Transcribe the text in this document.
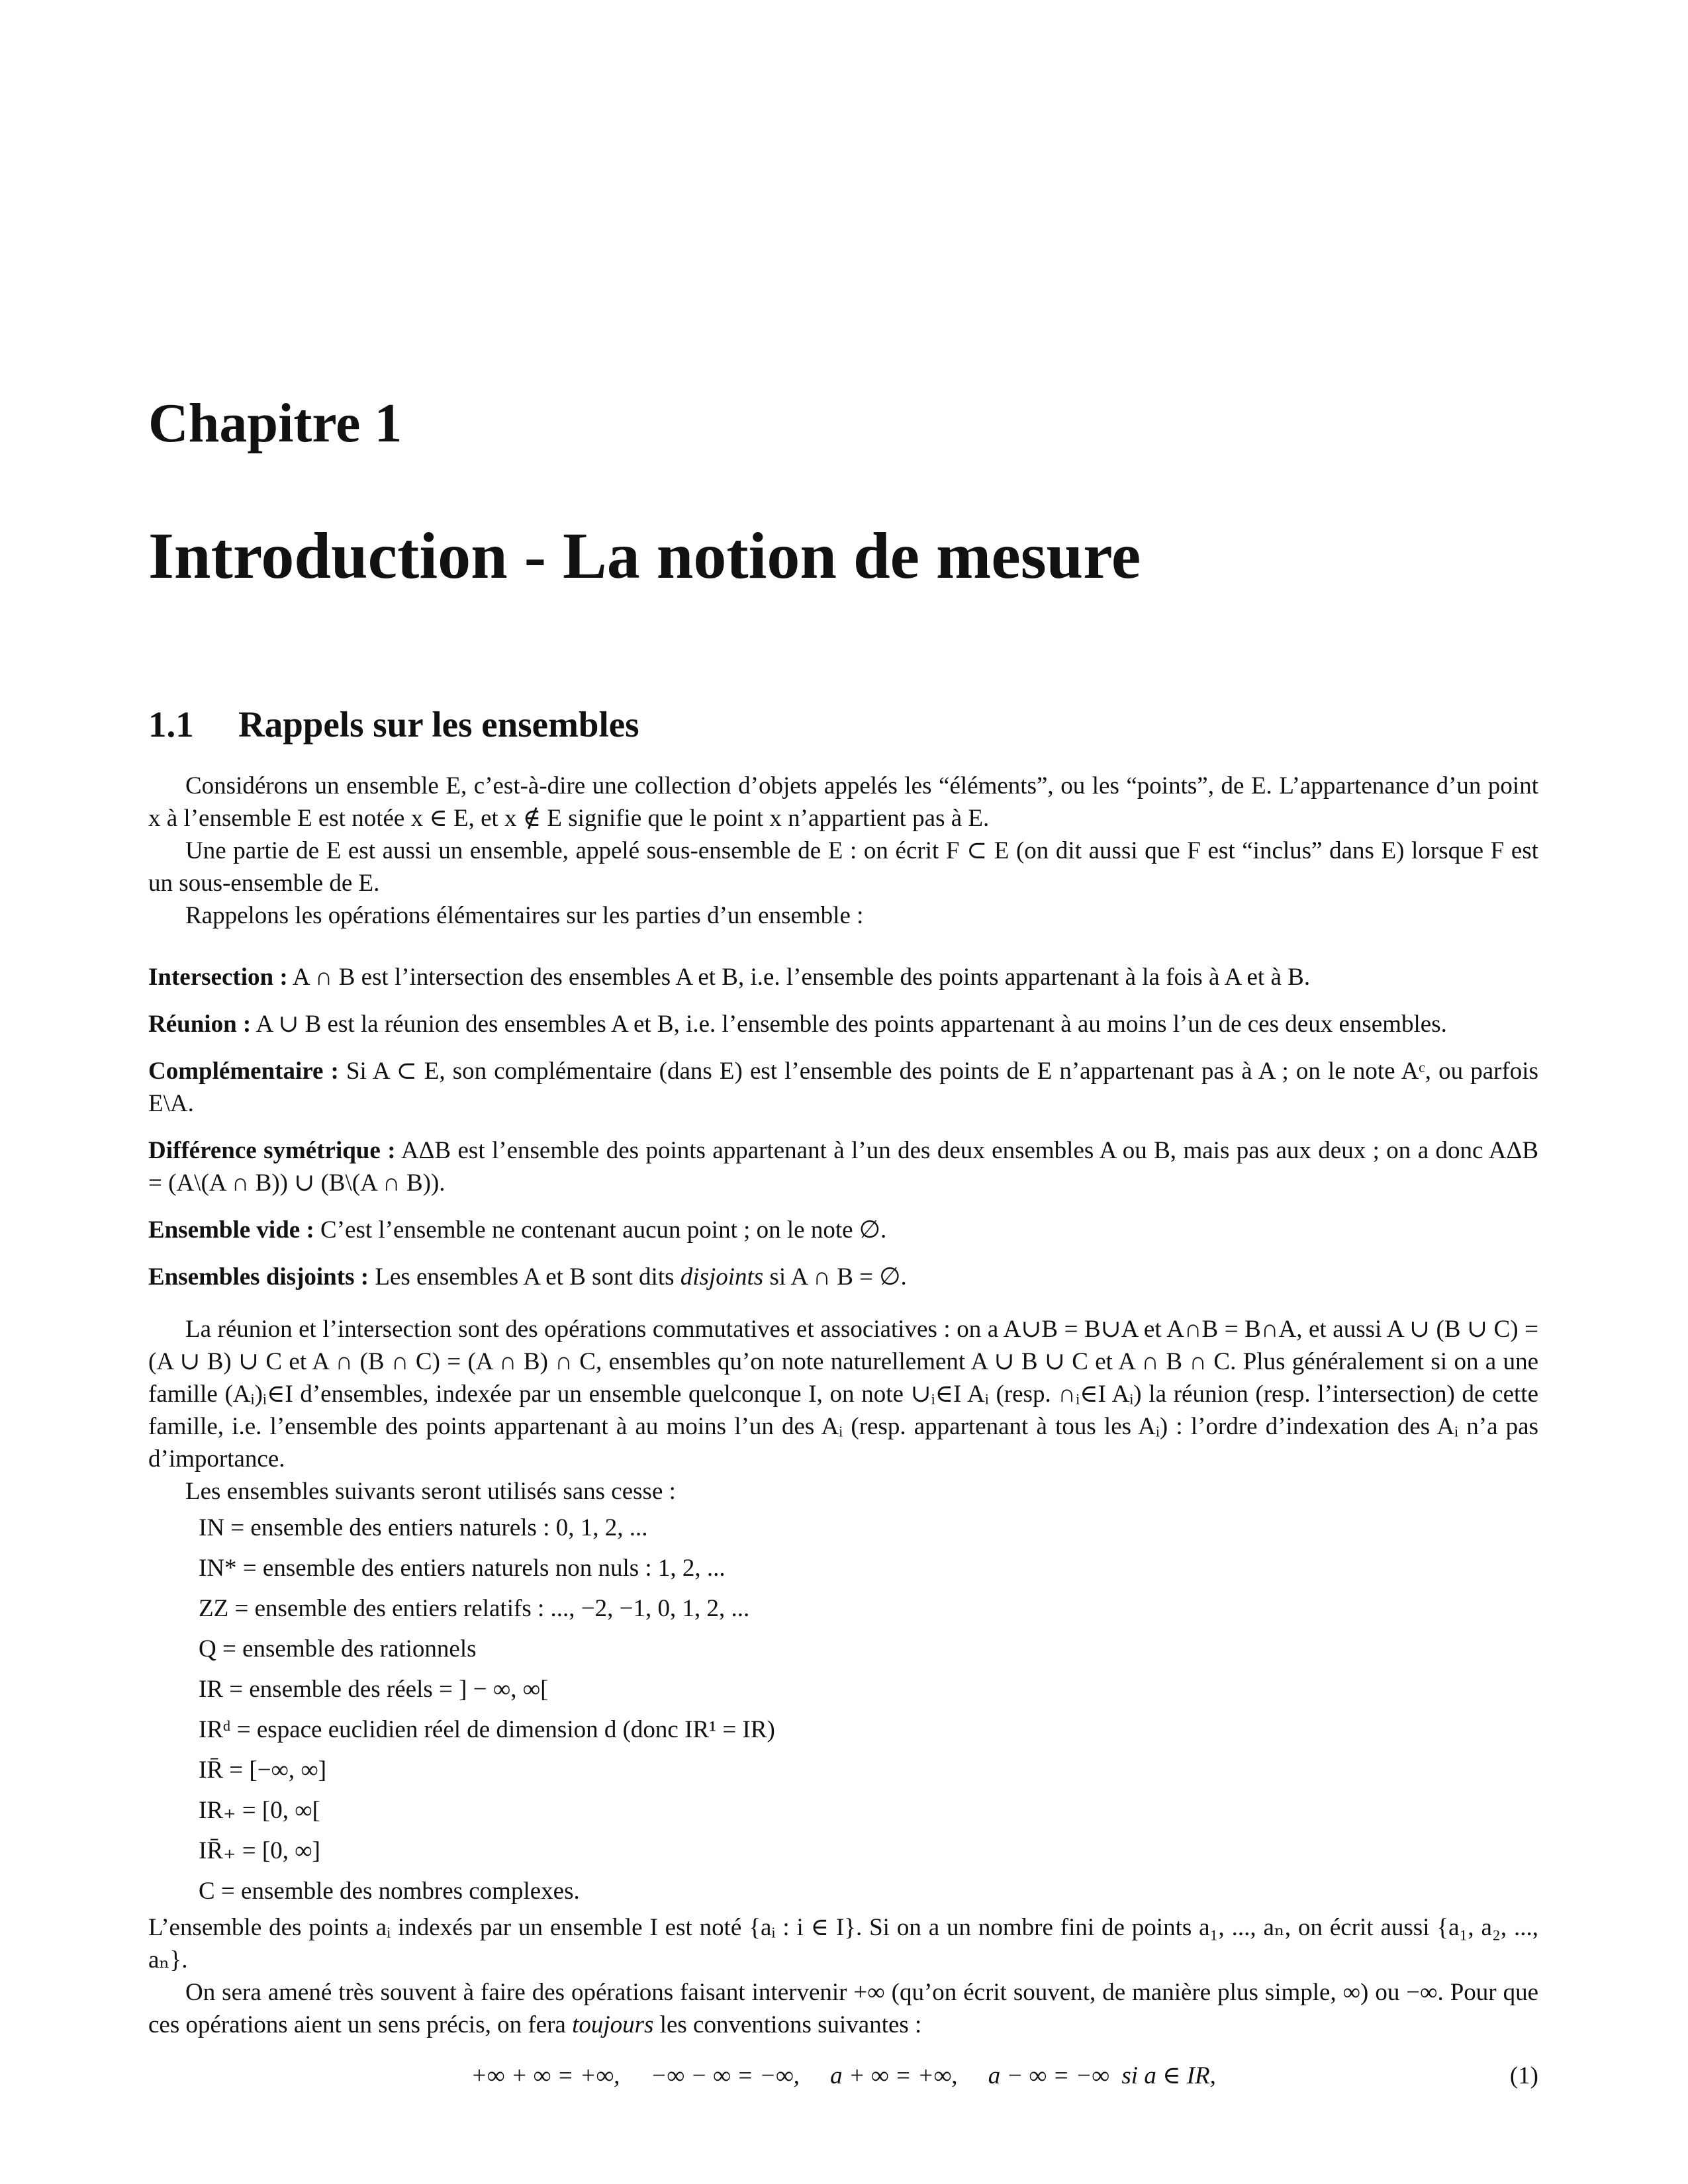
Chapitre 1
Introduction - La notion de mesure
1.1 Rappels sur les ensembles

Considérons un ensemble E, c’est-à-dire une collection d’objets appelés les “éléments”, ou les “points”, de E. L’appartenance d’un point x à l’ensemble E est notée x ∈ E, et x ∉ E signifie que le point x n’appartient pas à E.

Une partie de E est aussi un ensemble, appelé sous-ensemble de E : on écrit F ⊂ E (on dit aussi que F est “inclus” dans E) lorsque F est un sous-ensemble de E.

Rappelons les opérations élémentaires sur les parties d’un ensemble :

Intersection : A ∩ B est l’intersection des ensembles A et B, i.e. l’ensemble des points appartenant à la fois à A et à B.

Réunion : A ∪ B est la réunion des ensembles A et B, i.e. l’ensemble des points appartenant à au moins l’un de ces deux ensembles.

Complémentaire : Si A ⊂ E, son complémentaire (dans E) est l’ensemble des points de E n’appartenant pas à A ; on le note Aᶜ, ou parfois E\A.

Différence symétrique : AΔB est l’ensemble des points appartenant à l’un des deux ensembles A ou B, mais pas aux deux ; on a donc AΔB = (A\(A ∩ B)) ∪ (B\(A ∩ B)).

Ensemble vide : C’est l’ensemble ne contenant aucun point ; on le note ∅.

Ensembles disjoints : Les ensembles A et B sont dits disjoints si A ∩ B = ∅.

La réunion et l’intersection sont des opérations commutatives et associatives : on a A∪B = B∪A et A∩B = B∩A, et aussi A ∪ (B ∪ C) = (A ∪ B) ∪ C et A ∩ (B ∩ C) = (A ∩ B) ∩ C, ensembles qu’on note naturellement A ∪ B ∪ C et A ∩ B ∩ C. Plus généralement si on a une famille (Aᵢ)ᵢ∈I d’ensembles, indexée par un ensemble quelconque I, on note ∪ᵢ∈I Aᵢ (resp. ∩ᵢ∈I Aᵢ) la réunion (resp. l’intersection) de cette famille, i.e. l’ensemble des points appartenant à au moins l’un des Aᵢ (resp. appartenant à tous les Aᵢ) : l’ordre d’indexation des Aᵢ n’a pas d’importance.

Les ensembles suivants seront utilisés sans cesse :

IN = ensemble des entiers naturels : 0, 1, 2, ...
IN* = ensemble des entiers naturels non nuls : 1, 2, ...
ZZ = ensemble des entiers relatifs : ..., −2, −1, 0, 1, 2, ...
Q = ensemble des rationnels
IR = ensemble des réels = ] − ∞, ∞[
IRᵈ = espace euclidien réel de dimension d (donc IR¹ = IR)
IR̄ = [−∞, ∞]
IR₊ = [0, ∞[
IR̄₊ = [0, ∞]
C = ensemble des nombres complexes.

L’ensemble des points aᵢ indexés par un ensemble I est noté {aᵢ : i ∈ I}. Si on a un nombre fini de points a₁, ..., aₙ, on écrit aussi {a₁, a₂, ..., aₙ}.

On sera amené très souvent à faire des opérations faisant intervenir +∞ (qu’on écrit souvent, de manière plus simple, ∞) ou −∞. Pour que ces opérations aient un sens précis, on fera toujours les conventions suivantes :

+∞ + ∞ = +∞,     −∞ − ∞ = −∞,     a + ∞ = +∞,     a − ∞ = −∞  si a ∈ IR,	(1)
